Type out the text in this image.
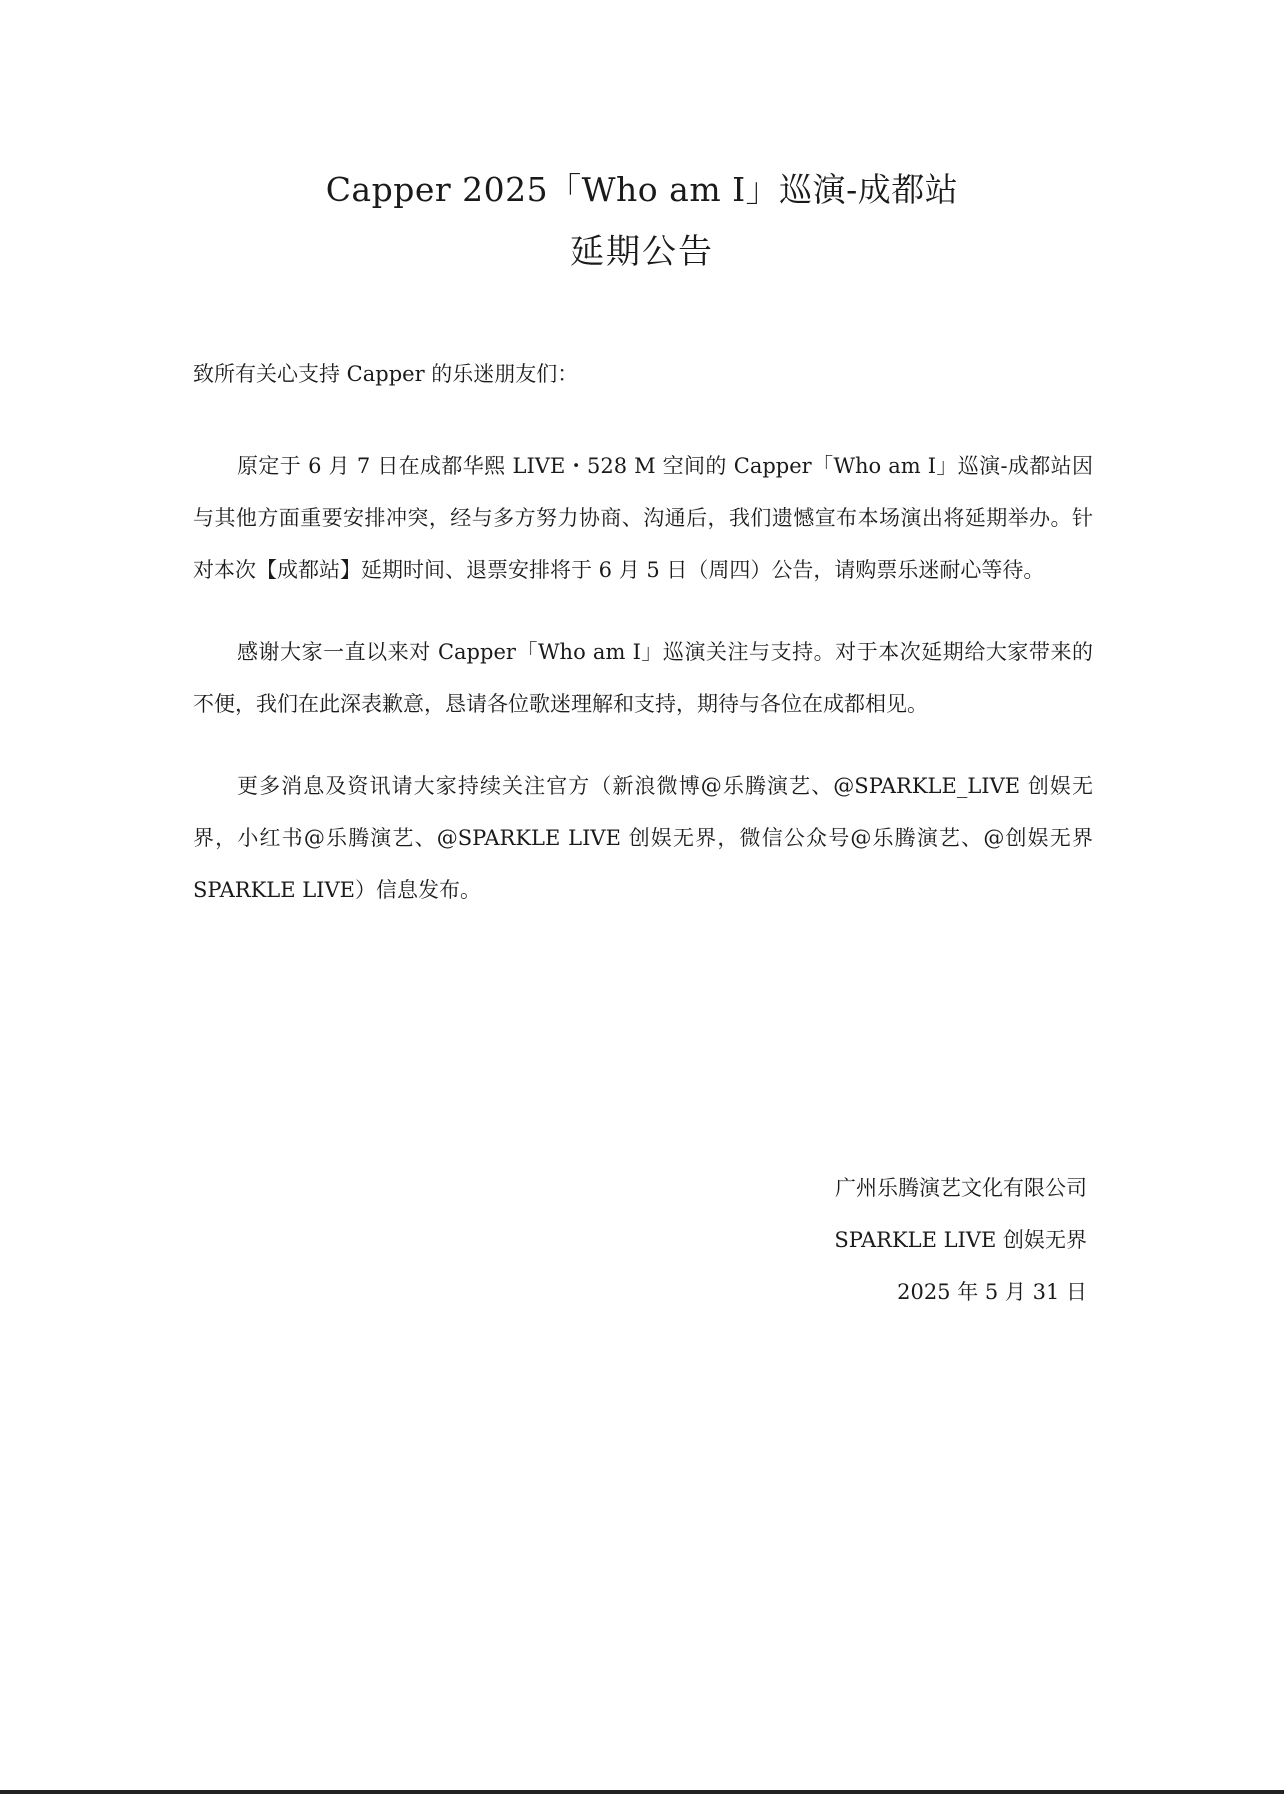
Capper 2025「Who am I」巡演-成都站
延期公告
致所有关心支持 Capper 的乐迷朋友们：
原定于 6 月 7 日在成都华熙 LIVE・528 M 空间的 Capper「Who am I」巡演-成都站因与其他方面重要安排冲突，经与多方努力协商、沟通后，我们遗憾宣布本场演出将延期举办。针对本次【成都站】延期时间、退票安排将于 6 月 5 日（周四）公告，请购票乐迷耐心等待。
感谢大家一直以来对 Capper「Who am I」巡演关注与支持。对于本次延期给大家带来的不便，我们在此深表歉意，恳请各位歌迷理解和支持，期待与各位在成都相见。
更多消息及资讯请大家持续关注官方（新浪微博@乐腾演艺、@SPARKLE_LIVE 创娱无界，小红书@乐腾演艺、@SPARKLE LIVE 创娱无界，微信公众号@乐腾演艺、@创娱无界 SPARKLE LIVE）信息发布。
广州乐腾演艺文化有限公司
SPARKLE LIVE 创娱无界
2025 年 5 月 31 日
